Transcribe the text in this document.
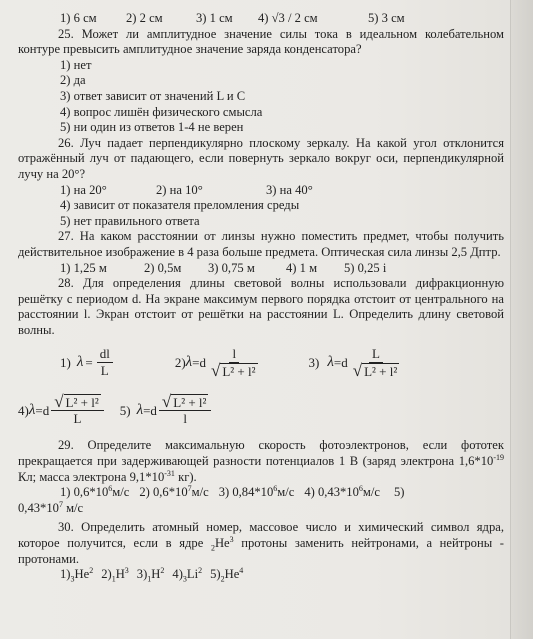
1) 6 см	2) 2 см	3) 1 см	4) √3 / 2 см	5) 3 см

25. Может ли амплитудное значение силы тока в идеальном колебательном контуре превысить амплитудное значение заряда конденсатора?

1) нет
2) да
3) ответ зависит от значений L и C
4) вопрос лишён физического смысла
5) ни один из ответов 1-4 не верен

26. Луч падает перпендикулярно плоскому зеркалу. На какой угол отклонится отражённый луч от падающего, если повернуть зеркало вокруг оси, перпендикулярной лучу на 20°?

1) на 20°	2) на 10°	3) на 40°
4) зависит от показателя преломления среды
5) нет правильного ответа

27. На каком расстоянии от линзы нужно поместить предмет, чтобы получить действительное изображение в 4 раза больше предмета. Оптическая сила линзы 2,5 Дптр.

1) 1,25 м	2) 0,5м	3) 0,75 м	4) 1 м	5) 0,25 і

28. Для определения длины световой волны использовали дифракционную решётку с периодом d. На экране максимум первого порядка отстоит от центрального на расстоянии l. Экран отстоит от решётки на расстоянии L. Определить длину световой волны.

1) $\lambda = \frac{dl}{L}$	2) λ = d $\frac{l}{\text{√ L² + l²}}$	3) λ = d $\frac{L}{\text{√ L² + l²}}$
4) λ = d $\frac{\text{√ L² + l²}}{L} 5$) λ = d $\frac{\text{√ L² + l²}}{l}$

29. Определите максимальную скорость фотоэлектронов, если фототек прекращается при задерживающей разности потенциалов 1 В (заряд электрона $1,6*10^{-19}$ Кл; масса электрона $9,1*10^{-31}$ кг).

1) $0,6*10^6м/с$ 2) $0,6*10^7м/с$ 3) $0,84*10^6м/с$ 4) $0,43*10^6м/с$ 5)
$0,43*10^7$ м/с

30. Определить атомный номер, массовое число и химический символ ядра, которое получится, если в ядре $_2He^3$ протоны заменить нейтронами, а нейтроны - протонами.

$1)_3He^2$ $2)_1H^3$ $3)_1H^2$ $4)_3Li^2$ $5)_2He^4$
